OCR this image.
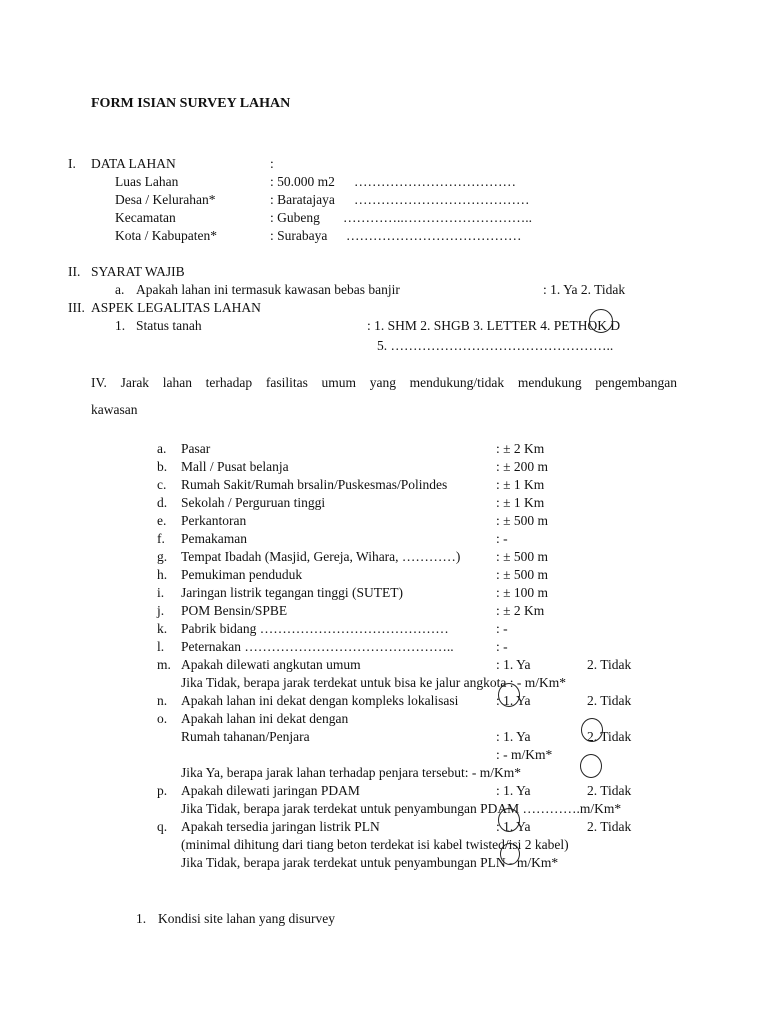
FORM ISIAN SURVEY LAHAN
I. DATA LAHAN	:
Luas Lahan	: 50.000 m2 ………………………………
Desa / Kelurahan*	: Baratajaya …………………………………
Kecamatan	: Gubeng …………..………………………..
Kota / Kabupaten*	: Surabaya …………………………………
II. SYARAT WAJIB
a. Apakah lahan ini termasuk kawasan bebas banjir	: 1. Ya 2. Tidak
III. ASPEK LEGALITAS LAHAN
1. Status tanah	: 1. SHM 2. SHGB 3. LETTER 4. PETHOK D
5. …………………………………………..
IV. Jarak lahan terhadap fasilitas umum yang mendukung/tidak mendukung pengembangan
kawasan
a. Pasar	: ± 2 Km
b. Mall / Pusat belanja	: ± 200 m
c. Rumah Sakit/Rumah brsalin/Puskesmas/Polindes	: ± 1 Km
d. Sekolah / Perguruan tinggi	: ± 1 Km
e. Perkantoran	: ± 500 m
f. Pemakaman	: -
g. Tempat Ibadah (Masjid, Gereja, Wihara, …………)	: ± 500 m
h. Pemukiman penduduk	: ± 500 m
i. Jaringan listrik tegangan tinggi (SUTET)	: ± 100 m
j. POM Bensin/SPBE	: ± 2 Km
k. Pabrik bidang ……………………………………	: -
l. Peternakan ………………………………………..	: -
m. Apakah dilewati angkutan umum	: 1. Ya	2. Tidak
Jika Tidak, berapa jarak terdekat untuk bisa ke jalur angkota : - m/Km*
n. Apakah lahan ini dekat dengan kompleks lokalisasi	: 1. Ya	2. Tidak
o. Apakah lahan ini dekat dengan
Rumah tahanan/Penjara	: 1. Ya	2. Tidak
: - m/Km*
Jika Ya, berapa jarak lahan terhadap penjara tersebut: - m/Km*
p. Apakah dilewati jaringan PDAM	: 1. Ya	2. Tidak
Jika Tidak, berapa jarak terdekat untuk penyambungan PDAM ………….m/Km*
q. Apakah tersedia jaringan listrik PLN	: 1. Ya	2. Tidak
(minimal dihitung dari tiang beton terdekat isi kabel twisted/isi 2 kabel)
Jika Tidak, berapa jarak terdekat untuk penyambungan PLN - m/Km*
1. Kondisi site lahan yang disurvey
